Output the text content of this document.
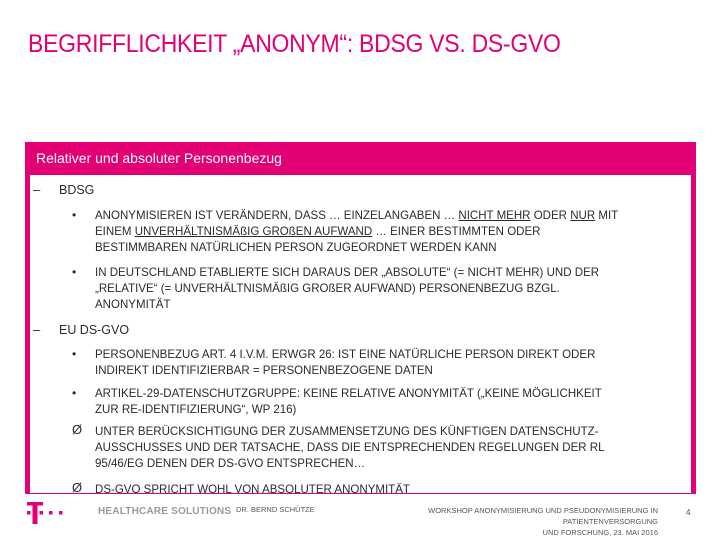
BEGRIFFLICHKEIT „ANONYM“: BDSG VS. DS-GVO
Relativer und absoluter Personenbezug
– BDSG
• ANONYMISIEREN IST VERÄNDERN, DASS … EINZELANGABEN … NICHT MEHR ODER NUR MIT
EINEM UNVERHÄLTNISMÄßIG GROßEN AUFWAND … EINER BESTIMMTEN ODER
BESTIMMBAREN NATÜRLICHEN PERSON ZUGEORDNET WERDEN KANN
• IN DEUTSCHLAND ETABLIERTE SICH DARAUS DER „ABSOLUTE“ (= NICHT MEHR) UND DER
„RELATIVE“ (= UNVERHÄLTNISMÄßIG GROßER AUFWAND) PERSONENBEZUG BZGL.
ANONYMITÄT
– EU DS-GVO
• PERSONENBEZUG ART. 4 I.V.M. ERWGR 26: IST EINE NATÜRLICHE PERSON DIREKT ODER
INDIREKT IDENTIFIZIERBAR = PERSONENBEZOGENE DATEN
• ARTIKEL-29-DATENSCHUTZGRUPPE: KEINE RELATIVE ANONYMITÄT („KEINE MÖGLICHKEIT
ZUR RE-IDENTIFIZIERUNG“, WP 216)
Ø UNTER BERÜCKSICHTIGUNG DER ZUSAMMENSETZUNG DES KÜNFTIGEN DATENSCHUTZ-
AUSSCHUSSES UND DER TATSACHE, DASS DIE ENTSPRECHENDEN REGELUNGEN DER RL
95/46/EG DENEN DER DS-GVO ENTSPRECHEN…
Ø DS-GVO SPRICHT WOHL VON ABSOLUTER ANONYMITÄT
HEALTHCARE SOLUTIONS DR. BERND SCHÜTZE	WORKSHOP ANONYMISIERUNG UND PSEUDONYMISIERUNG IN PATIENTENVERSORGUNG
UND FORSCHUNG, 23. MAI 2016
4
